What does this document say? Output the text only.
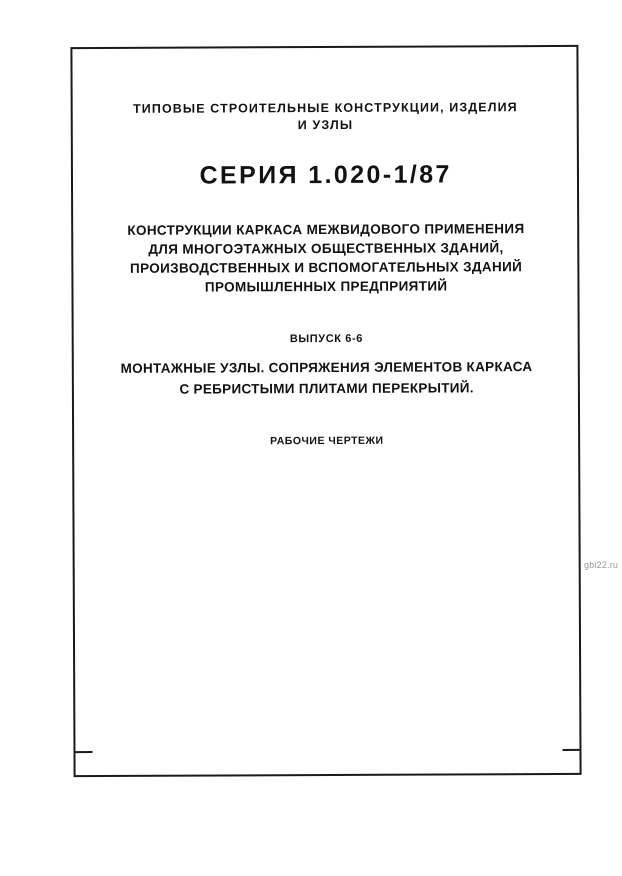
ТИПОВЫЕ СТРОИТЕЛЬНЫЕ КОНСТРУКЦИИ, ИЗДЕЛИЯ
И УЗЛЫ
СЕРИЯ 1.020-1/87
КОНСТРУКЦИИ КАРКАСА МЕЖВИДОВОГО ПРИМЕНЕНИЯ
ДЛЯ МНОГОЭТАЖНЫХ ОБЩЕСТВЕННЫХ ЗДАНИЙ,
ПРОИЗВОДСТВЕННЫХ И ВСПОМОГАТЕЛЬНЫХ ЗДАНИЙ
ПРОМЫШЛЕННЫХ ПРЕДПРИЯТИЙ
ВЫПУСК 6-6
МОНТАЖНЫЕ УЗЛЫ. СОПРЯЖЕНИЯ ЭЛЕМЕНТОВ КАРКАСА
С РЕБРИСТЫМИ ПЛИТАМИ ПЕРЕКРЫТИЙ.
РАБОЧИЕ ЧЕРТЕЖИ
gbi22.ru
